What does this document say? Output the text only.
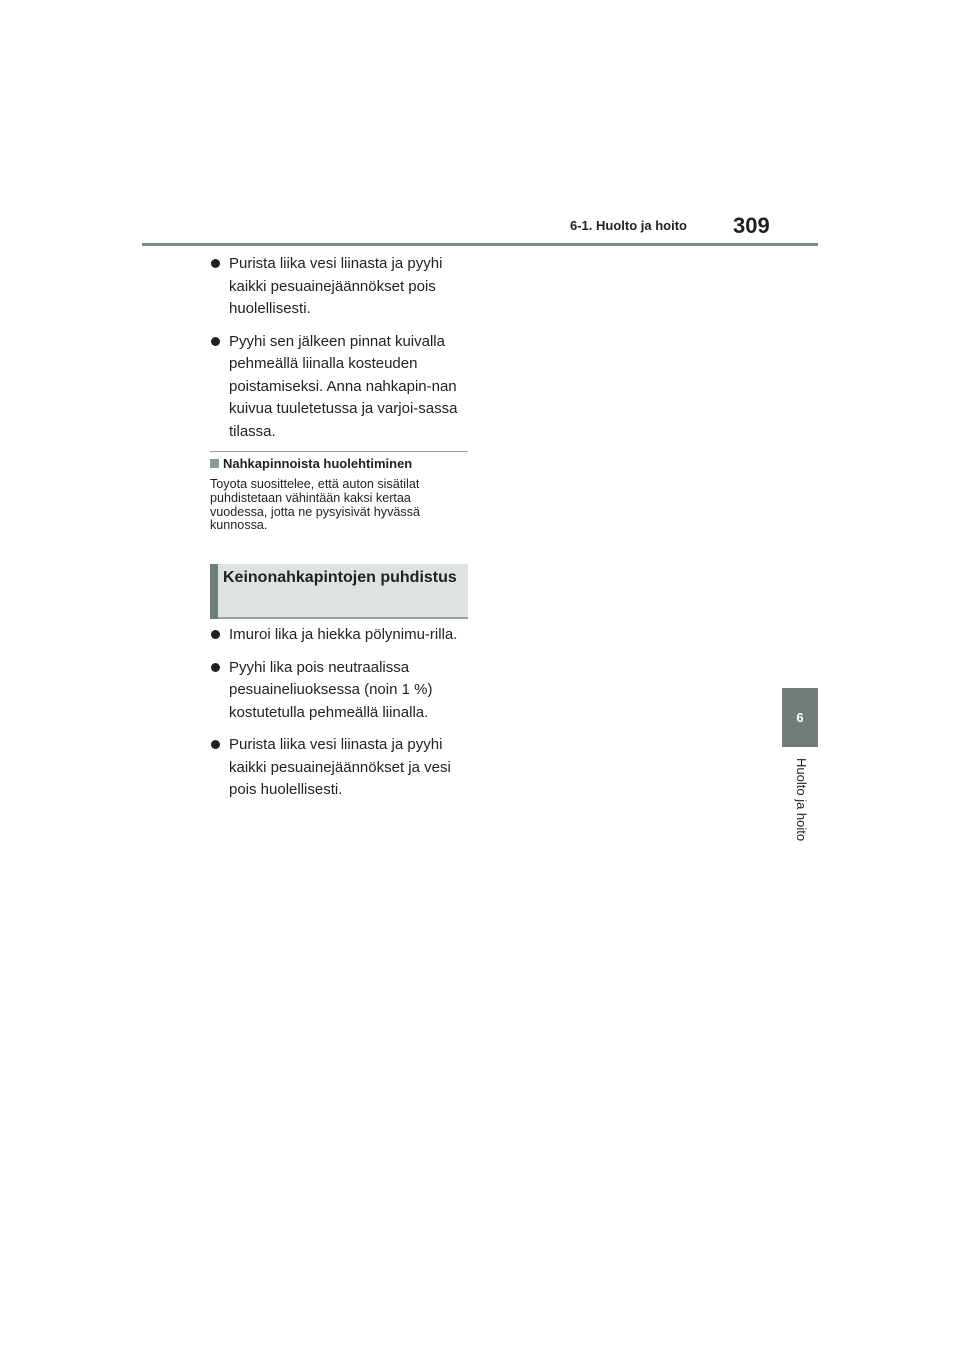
6-1. Huolto ja hoito 309
6
Huolto ja hoito
Purista liika vesi liinasta ja pyyhi kaikki pesuainejäännökset pois huolellisesti.
Pyyhi sen jälkeen pinnat kuivalla pehmeällä liinalla kosteuden poistamiseksi. Anna nahkapin-nan kuivua tuuletetussa ja varjoi-sassa tilassa.
Nahkapinnoista huolehtiminen
Toyota suosittelee, että auton sisätilat puhdistetaan vähintään kaksi kertaa vuodessa, jotta ne pysyisivät hyvässä kunnossa.
Keinonahkapintojen puhdistus
Imuroi lika ja hiekka pölynimu-rilla.
Pyyhi lika pois neutraalissa pesuaineliuoksessa (noin 1 %) kostutetulla pehmeällä liinalla.
Purista liika vesi liinasta ja pyyhi kaikki pesuainejäännökset ja vesi pois huolellisesti.
